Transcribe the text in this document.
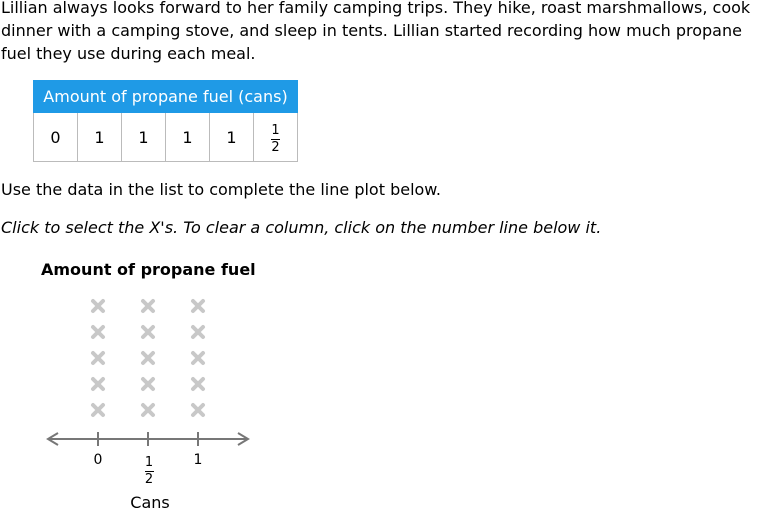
Lillian always looks forward to her family camping trips. They hike, roast marshmallows, cook dinner with a camping stove, and sleep in tents. Lillian started recording how much propane fuel they use during each meal.

Amount of propane fuel (cans)
0	1	1	1	1	$\frac{1}{2}$

Use the data in the list to complete the line plot below.

Click to select the X's. To clear a column, click on the number line below it.

Amount of propane fuel
0	$\frac{1}{2}$	1
Cans
